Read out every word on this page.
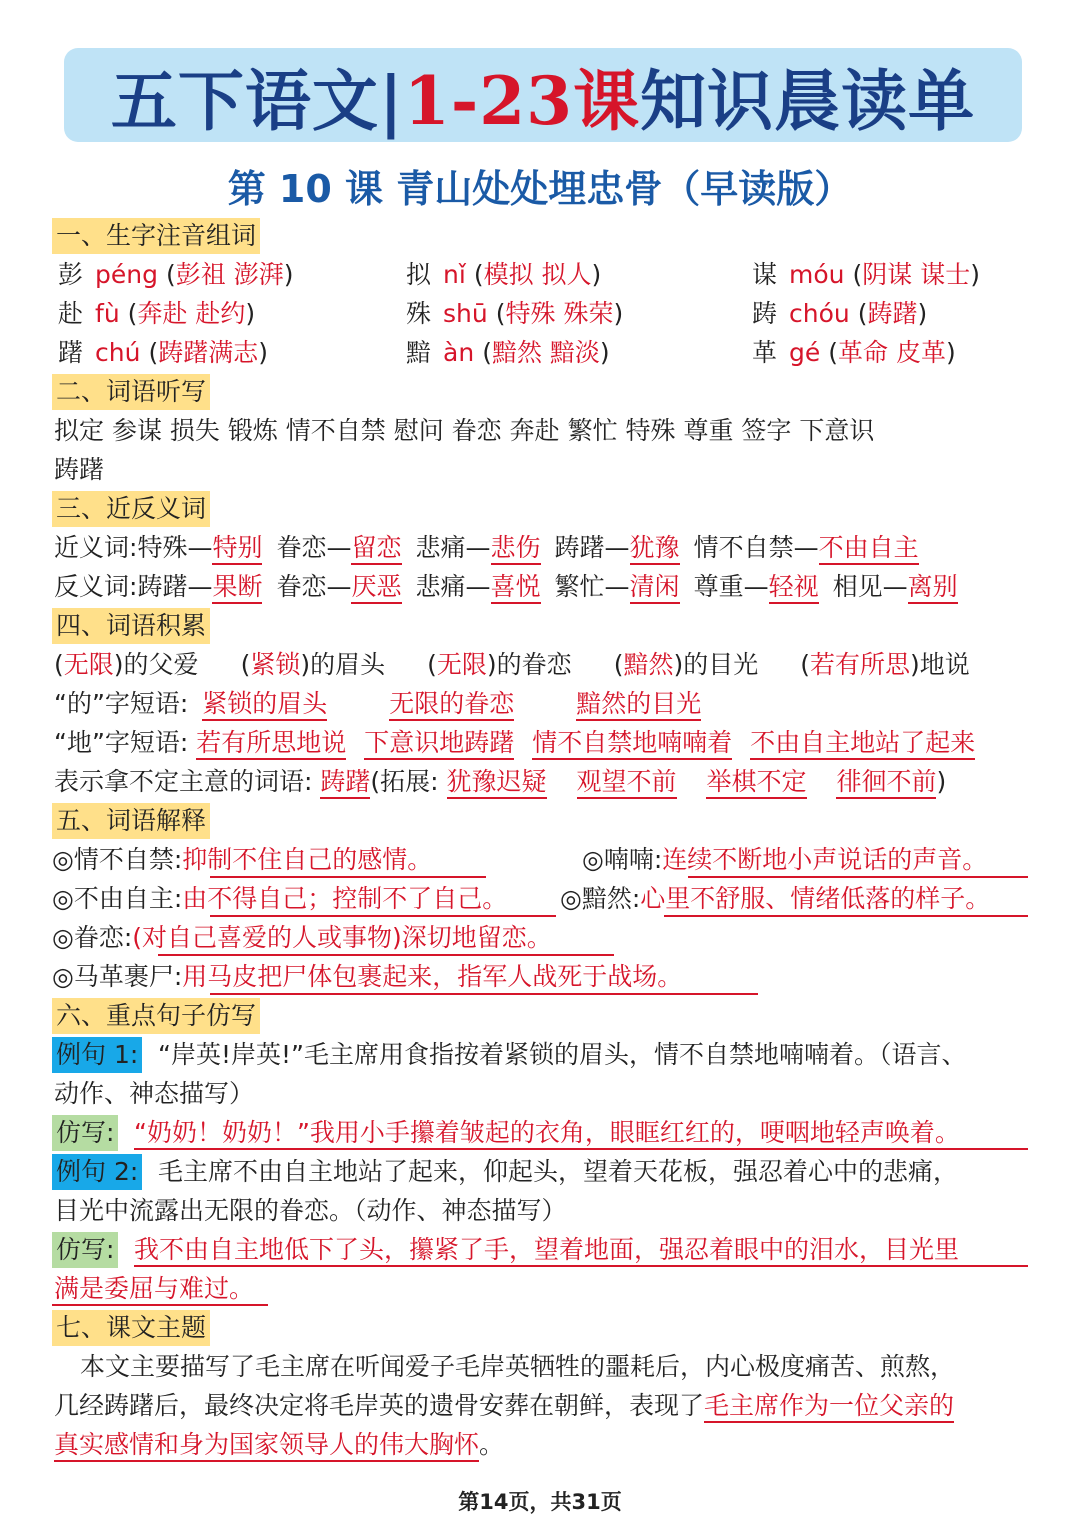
五下语文| 1-23课 知识晨读单
第 10 课 青山处处埋忠骨（早读版）
一、生字注音组词
彭 péng (彭祖 澎湃)	拟 nǐ (模拟 拟人)	谋 móu (阴谋 谋士)
赴 fù (奔赴 赴约)	殊 shū (特殊 殊荣)	踌 chóu (踌躇)
躇 chú (踌躇满志)	黯 àn (黯然 黯淡)	革 gé (革命 皮革)
二、词语听写
拟定 参谋 损失 锻炼 情不自禁 慰问 眷恋 奔赴 繁忙 特殊 尊重 签字 下意识
踌躇
三、近反义词
近义词:特殊—特别 眷恋—留恋 悲痛—悲伤 踌躇—犹豫 情不自禁—不由自主
反义词:踌躇—果断 眷恋—厌恶 悲痛—喜悦 繁忙—清闲 尊重—轻视 相见—离别
四、词语积累
(无限)的父爱 (紧锁)的眉头 (无限)的眷恋 (黯然)的目光 (若有所思)地说
“的”字短语: 紧锁的眉头 无限的眷恋 黯然的目光
“地”字短语: 若有所思地说 下意识地踌躇 情不自禁地喃喃着 不由自主地站了起来
表示拿不定主意的词语: 踌躇(拓展: 犹豫迟疑 观望不前 举棋不定 徘徊不前)
五、词语解释
◎情不自禁:抑制不住自己的感情。	◎喃喃:连续不断地小声说话的声音。
◎不由自主:由不得自己；控制不了自己。 ◎黯然:心里不舒服、情绪低落的样子。
◎眷恋:(对自己喜爱的人或事物)深切地留恋。
◎马革裹尸:用马皮把尸体包裹起来，指军人战死于战场。
六、重点句子仿写
例句 1: “岸英!岸英!”毛主席用食指按着紧锁的眉头，情不自禁地喃喃着。（语言、
动作、神态描写）
仿写: “奶奶！奶奶！”我用小手攥着皱起的衣角，眼眶红红的，哽咽地轻声唤着。
例句 2: 毛主席不由自主地站了起来，仰起头，望着天花板，强忍着心中的悲痛，
目光中流露出无限的眷恋。（动作、神态描写）
仿写: 我不由自主地低下了头，攥紧了手，望着地面，强忍着眼中的泪水，目光里
满是委屈与难过。
七、课文主题
本文主要描写了毛主席在听闻爱子毛岸英牺牲的噩耗后，内心极度痛苦、煎熬，
几经踌躇后，最终决定将毛岸英的遗骨安葬在朝鲜，表现了毛主席作为一位父亲的
真实感情和身为国家领导人的伟大胸怀。
第14页，共31页
